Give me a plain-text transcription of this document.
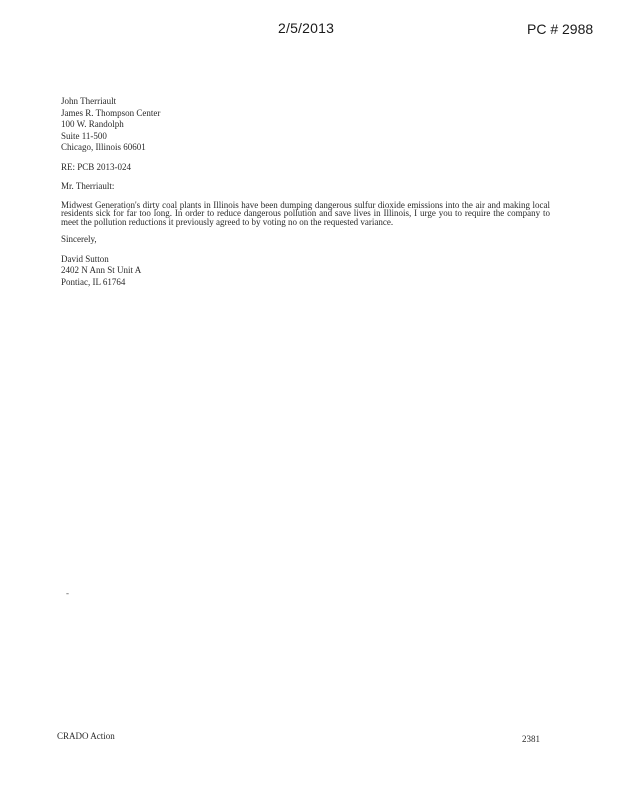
2/5/2013	PC # 2988
John Therriault
James R. Thompson Center
100 W. Randolph
Suite 11-500
Chicago, Illinois 60601
RE: PCB 2013-024
Mr. Therriault:
Midwest Generation's dirty coal plants in Illinois have been dumping dangerous sulfur dioxide emissions into the air and making local residents sick for far too long. In order to reduce dangerous pollution and save lives in Illinois, I urge you to require the company to meet the pollution reductions it previously agreed to by voting no on the requested variance.
Sincerely,
David Sutton
2402 N Ann St Unit A
Pontiac, IL 61764
-
CRADO Action	2381
